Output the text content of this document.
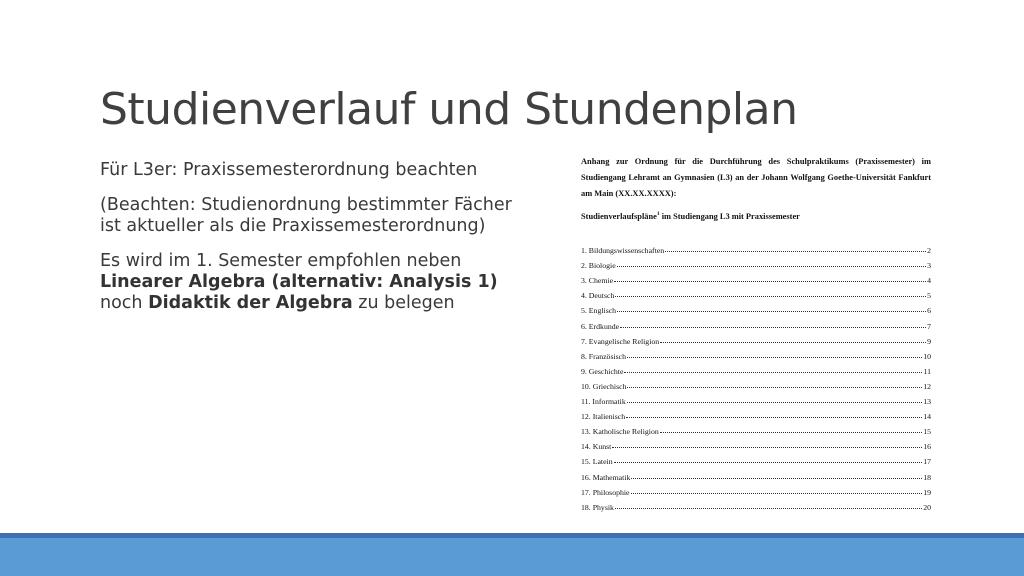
Studienverlauf und Stundenplan

Für L3er: Praxissemesterordnung beachten

(Beachten: Studienordnung bestimmter Fächer ist aktueller als die Praxissemesterordnung)

Es wird im 1. Semester empfohlen neben Linearer Algebra (alternativ: Analysis 1) noch Didaktik der Algebra zu belegen

Anhang zur Ordnung für die Durchführung des Schulpraktikums (Praxissemester) im Studiengang Lehramt an Gymnasien (L3) an der Johann Wolfgang Goethe-Universität Fankfurt am Main (XX.XX.XXXX):
Studienverlaufspläne$^1$ im Studiengang L3 mit Praxissemester
1. Bildungswissenschaften	2
2. Biologie	3
3. Chemie	4
4. Deutsch	5
5. Englisch	6
6. Erdkunde	7
7. Evangelische Religion	9
8. Französisch	10
9. Geschichte	11
10. Griechisch	12
11. Informatik	13
12. Italienisch	14
13. Katholische Religion	15
14. Kunst	16
15. Latein	17
16. Mathematik	18
17. Philosophie	19
18. Physik	20
